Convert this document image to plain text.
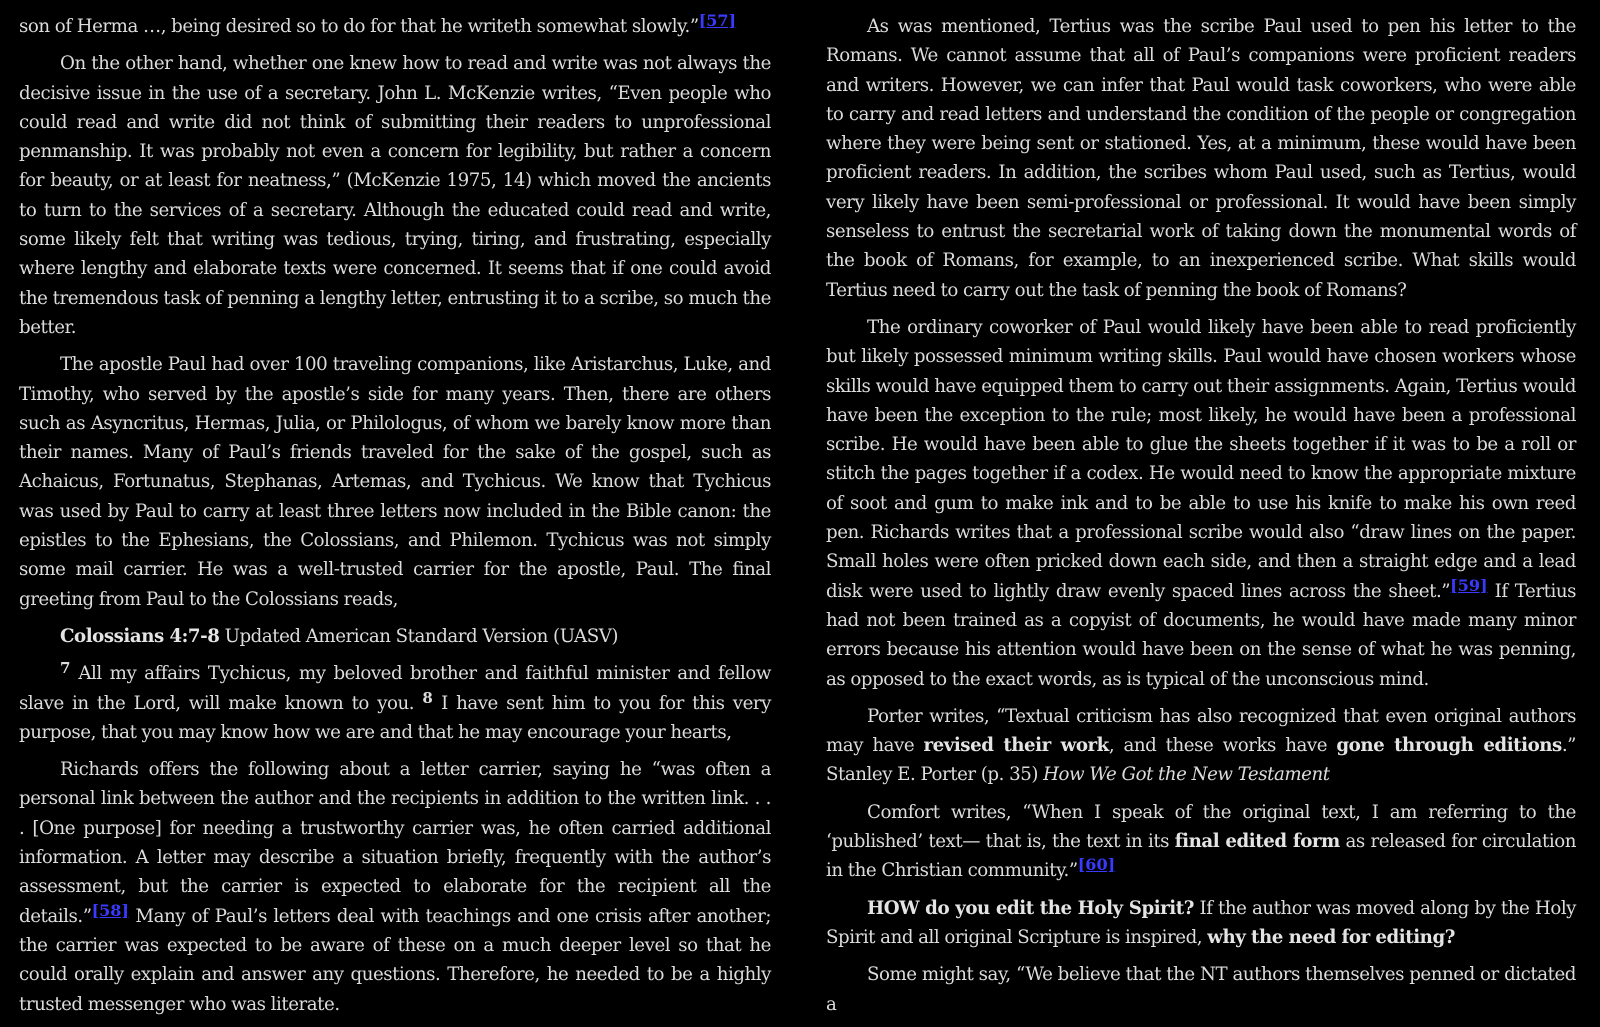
son of Herma …, being desired so to do for that he writeth somewhat slowly.”[57]

On the other hand, whether one knew how to read and write was not always the decisive issue in the use of a secretary. John L. McKenzie writes, “Even people who could read and write did not think of submitting their readers to unprofessional penmanship. It was probably not even a concern for legibility, but rather a concern for beauty, or at least for neatness,” (McKenzie 1975, 14) which moved the ancients to turn to the services of a secretary. Although the educated could read and write, some likely felt that writing was tedious, trying, tiring, and frustrating, especially where lengthy and elaborate texts were concerned. It seems that if one could avoid the tremendous task of penning a lengthy letter, entrusting it to a scribe, so much the better.

The apostle Paul had over 100 traveling companions, like Aristarchus, Luke, and Timothy, who served by the apostle’s side for many years. Then, there are others such as Asyncritus, Hermas, Julia, or Philologus, of whom we barely know more than their names. Many of Paul’s friends traveled for the sake of the gospel, such as Achaicus, Fortunatus, Stephanas, Artemas, and Tychicus. We know that Tychicus was used by Paul to carry at least three letters now included in the Bible canon: the epistles to the Ephesians, the Colossians, and Philemon. Tychicus was not simply some mail carrier. He was a well-trusted carrier for the apostle, Paul. The final greeting from Paul to the Colossians reads,

Colossians 4:7-8 Updated American Standard Version (UASV)

$^7$ All my affairs Tychicus, my beloved brother and faithful minister and fellow slave in the Lord, will make known to you. $^8$ I have sent him to you for this very purpose, that you may know how we are and that he may encourage your hearts,

Richards offers the following about a letter carrier, saying he “was often a personal link between the author and the recipients in addition to the written link. . . . [One purpose] for needing a trustworthy carrier was, he often carried additional information. A letter may describe a situation briefly, frequently with the author’s assessment, but the carrier is expected to elaborate for the recipient all the details.”[58] Many of Paul’s letters deal with teachings and one crisis after another; the carrier was expected to be aware of these on a much deeper level so that he could orally explain and answer any questions. Therefore, he needed to be a highly trusted messenger who was literate.

As was mentioned, Tertius was the scribe Paul used to pen his letter to the Romans. We cannot assume that all of Paul’s companions were proficient readers and writers. However, we can infer that Paul would task coworkers, who were able to carry and read letters and understand the condition of the people or congregation where they were being sent or stationed. Yes, at a minimum, these would have been proficient readers. In addition, the scribes whom Paul used, such as Tertius, would very likely have been semi-professional or professional. It would have been simply senseless to entrust the secretarial work of taking down the monumental words of the book of Romans, for example, to an inexperienced scribe. What skills would Tertius need to carry out the task of penning the book of Romans?

The ordinary coworker of Paul would likely have been able to read proficiently but likely possessed minimum writing skills. Paul would have chosen workers whose skills would have equipped them to carry out their assignments. Again, Tertius would have been the exception to the rule; most likely, he would have been a professional scribe. He would have been able to glue the sheets together if it was to be a roll or stitch the pages together if a codex. He would need to know the appropriate mixture of soot and gum to make ink and to be able to use his knife to make his own reed pen. Richards writes that a professional scribe would also “draw lines on the paper. Small holes were often pricked down each side, and then a straight edge and a lead disk were used to lightly draw evenly spaced lines across the sheet.”[59] If Tertius had not been trained as a copyist of documents, he would have made many minor errors because his attention would have been on the sense of what he was penning, as opposed to the exact words, as is typical of the unconscious mind.

Porter writes, “Textual criticism has also recognized that even original authors may have revised their work, and these works have gone through editions.” Stanley E. Porter (p. 35) How We Got the New Testament

Comfort writes, “When I speak of the original text, I am referring to the ‘published’ text— that is, the text in its final edited form as released for circulation in the Christian community.”[60]

HOW do you edit the Holy Spirit? If the author was moved along by the Holy Spirit and all original Scripture is inspired, why the need for editing?

Some might say, “We believe that the NT authors themselves penned or dictated a
